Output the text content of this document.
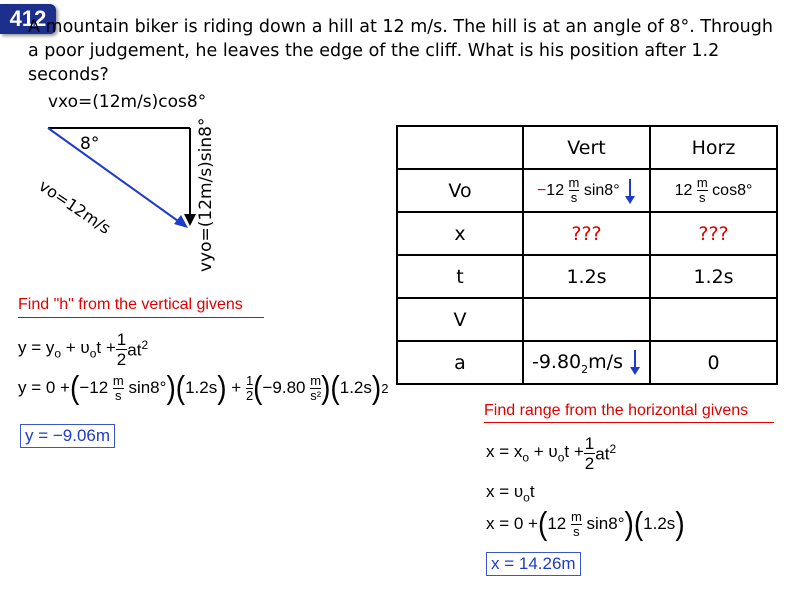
412
A mountain biker is riding down a hill at 12 m/s. The hill is at an angle of 8°. Through a poor judgement, he leaves the edge of the cliff. What is his position after 1.2 seconds?
vxo=(12m/s)cos8°
8°
vo=12m/s	vyo=(12m/s)sin8°
Find "h" from the vertical givens
$y = y_o + \upsilon_ot + \frac{1}{2} at^2$
y = 0 + ( $-12 \frac{m}{s} \sin 8^\circ$ )( 1.2s ) + $\frac{1}{2}$ ( $-9.80 \frac{m}{\text{s²}}$ )( 1.2s ) 2
y = −9.06m
	Vert	Horz
Vo	$-12 \frac{m}{s} \sin 8^\circ$	$12 \frac{m}{s} \cos 8^\circ$
x	???	???
t	1.2s	1.2s
V		
a	$-9.80_2m/s$	0
Find range from the horizontal givens
$x = x_o + \upsilon_ot + \frac{1}{2} at^2$
$x = \upsilon_ot$
x = 0 + ( $12 \frac{m}{s} \sin 8^\circ$ )( 1.2s )
x = 14.26m
